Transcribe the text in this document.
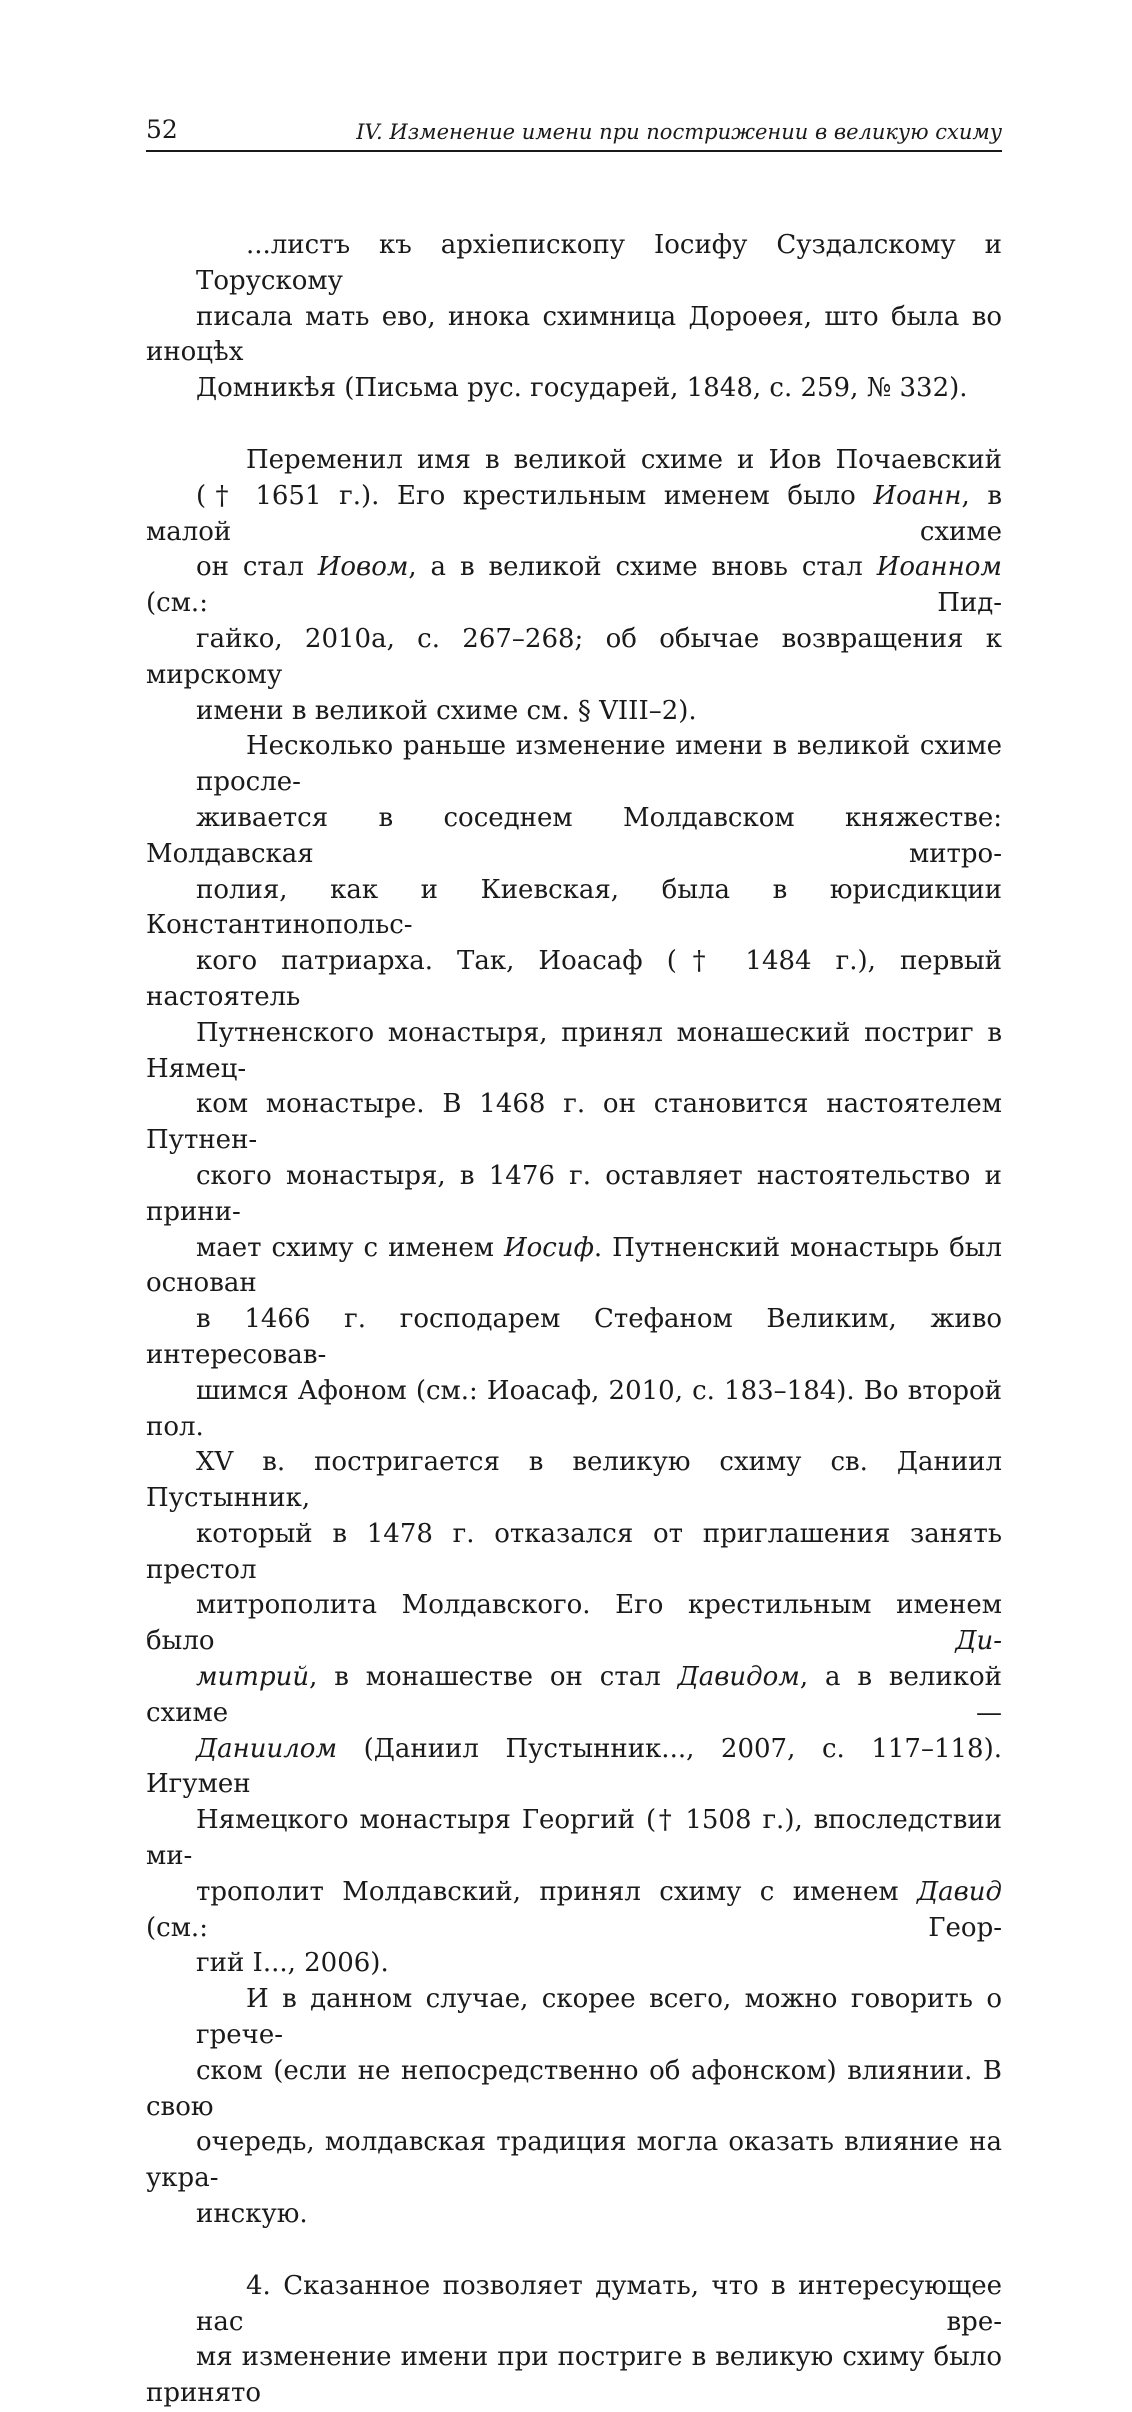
52	IV. Изменение имени при пострижении в великую схиму
...листъ къ архіепископу Іосифу Суздалскому и Торускому
писала мать ево, инока схимница Дороѳея, што была во иноцѣх
Домникѣя (Письма рус. государей, 1848, с. 259, № 332).
Переменил имя в великой схиме и Иов Почаевский
(† 1651 г.). Его крестильным именем было Иоанн, в малой схиме
он стал Иовом, а в великой схиме вновь стал Иоанном (см.: Пид-
гайко, 2010а, с. 267–268; об обычае возвращения к мирскому
имени в великой схиме см. § VIII–2).
Несколько раньше изменение имени в великой схиме просле-
живается в соседнем Молдавском княжестве: Молдавская митро-
полия, как и Киевская, была в юрисдикции Константинопольс-
кого патриарха. Так, Иоасаф († 1484 г.), первый настоятель
Путненского монастыря, принял монашеский постриг в Нямец-
ком монастыре. В 1468 г. он становится настоятелем Путнен-
ского монастыря, в 1476 г. оставляет настоятельство и прини-
мает схиму с именем Иосиф. Путненский монастырь был основан
в 1466 г. господарем Стефаном Великим, живо интересовав-
шимся Афоном (см.: Иоасаф, 2010, с. 183–184). Во второй пол.
XV в. постригается в великую схиму св. Даниил Пустынник,
который в 1478 г. отказался от приглашения занять престол
митрополита Молдавского. Его крестильным именем было Ди-
митрий, в монашестве он стал Давидом, а в великой схиме —
Даниилом (Даниил Пустынник..., 2007, с. 117–118). Игумен
Нямецкого монастыря Георгий († 1508 г.), впоследствии ми-
трополит Молдавский, принял схиму с именем Давид (см.: Геор-
гий I..., 2006).
И в данном случае, скорее всего, можно говорить о грече-
ском (если не непосредственно об афонском) влиянии. В свою
очередь, молдавская традиция могла оказать влияние на укра-
инскую.
4. Сказанное позволяет думать, что в интересующее нас вре-
мя изменение имени при постриге в великую схиму было принято
